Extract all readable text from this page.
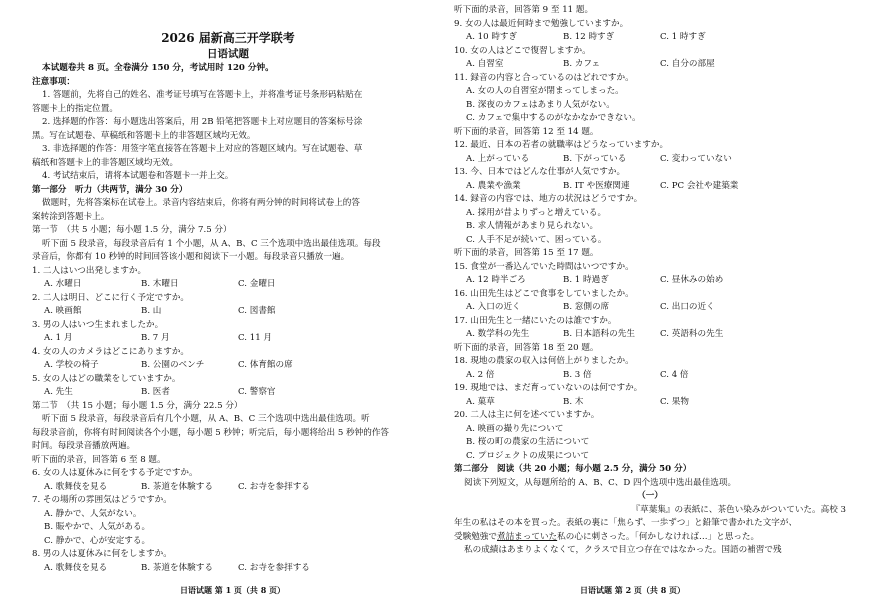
2026 届新高三开学联考
日语试题
本试题卷共 8 页。全卷满分 150 分，考试用时 120 分钟。
注意事项：
1. 答题前，先将自己的姓名、准考证号填写在答题卡上，并将准考证号条形码粘贴在
答题卡上的指定位置。
2. 选择题的作答：每小题选出答案后，用 2B 铅笔把答题卡上对应题目的答案标号涂
黑。写在试题卷、草稿纸和答题卡上的非答题区域均无效。
3. 非选择题的作答：用签字笔直接答在答题卡上对应的答题区域内。写在试题卷、草
稿纸和答题卡上的非答题区域均无效。
4. 考试结束后，请将本试题卷和答题卡一并上交。
第一部分　听力（共两节，满分 30 分）
做题时，先将答案标在试卷上。录音内容结束后，你将有两分钟的时间将试卷上的答
案转涂到答题卡上。
第一节　（共 5 小题；每小题 1.5 分，满分 7.5 分）
听下面 5 段录音，每段录音后有 1 个小题，从 A、B、C 三个选项中选出最佳选项。每段
录音后，你都有 10 秒钟的时间回答该小题和阅读下一小题。每段录音只播放一遍。
1. 二人はいつ出発しますか。
A. 水曜日	B. 木曜日	C. 金曜日
2. 二人は明日、どこに行く予定ですか。
A. 映画館	B. 山	C. 図書館
3. 男の人はいつ生まれましたか。
A. 1 月	B. 7 月	C. 11 月
4. 女の人のカメラはどこにありますか。
A. 学校の椅子	B. 公園のベンチ	C. 体育館の席
5. 女の人はどの職業をしていますか。
A. 先生	B. 医者	C. 警察官
第二节　（共 15 小题；每小题 1.5 分，满分 22.5 分）
听下面 5 段录音，每段录音后有几个小题，从 A、B、C 三个选项中选出最佳选项。听
每段录音前，你将有时间阅读各个小题，每小题 5 秒钟；听完后，每小题将给出 5 秒钟的作答
时间。每段录音播放两遍。
听下面的录音，回答第 6 至 8 题。
6. 女の人は夏休みに何をする予定ですか。
A. 歌舞伎を見る	B. 茶道を体験する	C. お寺を参拝する
7. その場所の雰囲気はどうですか。
A. 静かで、人気がない。
B. 賑やかで、人気がある。
C. 静かで、心が安定する。
8. 男の人は夏休みに何をしますか。
A. 歌舞伎を見る	B. 茶道を体験する	C. お寺を参拝する
听下面的录音，回答第 9 至 11 题。
9. 女の人は最近何時まで勉強していますか。
A. 10 時すぎ	B. 12 時すぎ	C. 1 時すぎ
10. 女の人はどこで復習しますか。
A. 自習室	B. カフェ	C. 自分の部屋
11. 録音の内容と合っているのはどれですか。
A. 女の人の自習室が閉まってしまった。
B. 深夜のカフェはあまり人気がない。
C. カフェで集中するのがなかなかできない。
听下面的录音，回答第 12 至 14 题。
12. 最近、日本の若者の就職率はどうなっていますか。
A. 上がっている	B. 下がっている	C. 変わっていない
13. 今、日本ではどんな仕事が人気ですか。
A. 農業や漁業	B. IT や医療関連	C. PC 会社や建築業
14. 録音の内容では、地方の状況はどうですか。
A. 採用が昔よりずっと増えている。
B. 求人情報があまり見られない。
C. 人手不足が続いて、困っている。
听下面的录音，回答第 15 至 17 题。
15. 食堂が一番込んでいた時間はいつですか。
A. 12 時半ごろ	B. 1 時過ぎ	C. 昼休みの始め
16. 山田先生はどこで食事をしていましたか。
A. 入口の近く	B. 窓側の席	C. 出口の近く
17. 山田先生と一緒にいたのは誰ですか。
A. 数学科の先生	B. 日本語科の先生	C. 英語科の先生
听下面的录音，回答第 18 至 20 题。
18. 現地の農家の収入は何倍上がりましたか。
A. 2 倍	B. 3 倍	C. 4 倍
19. 現地では、まだ育っていないのは何ですか。
A. 菓草	B. 木	C. 果物
20. 二人は主に何を述べていますか。
A. 映画の撮り先について
B. 桜の町の農家の生活について
C. プロジェクトの成果について
第二部分　阅读（共 20 小题；每小题 2.5 分，满分 50 分）
阅读下列短文，从每题所给的 A、B、C、D 四个选项中选出最佳选项。
（一）
『草葉集』の表紙に、茶色い染みがついていた。高校 3
年生の私はその本を買った。表紙の裏に「焦らず、一歩ずつ」と鉛筆で書かれた文字が、
受験勉強で煮詰まっていた私の心に刺さった。「何かしなければ…」と思った。
私の成績はあまりよくなくて，クラスで目立つ存在ではなかった。国語の補習で残
日语试题 第 1 页（共 8 页）	日语试题 第 2 页（共 8 页）
